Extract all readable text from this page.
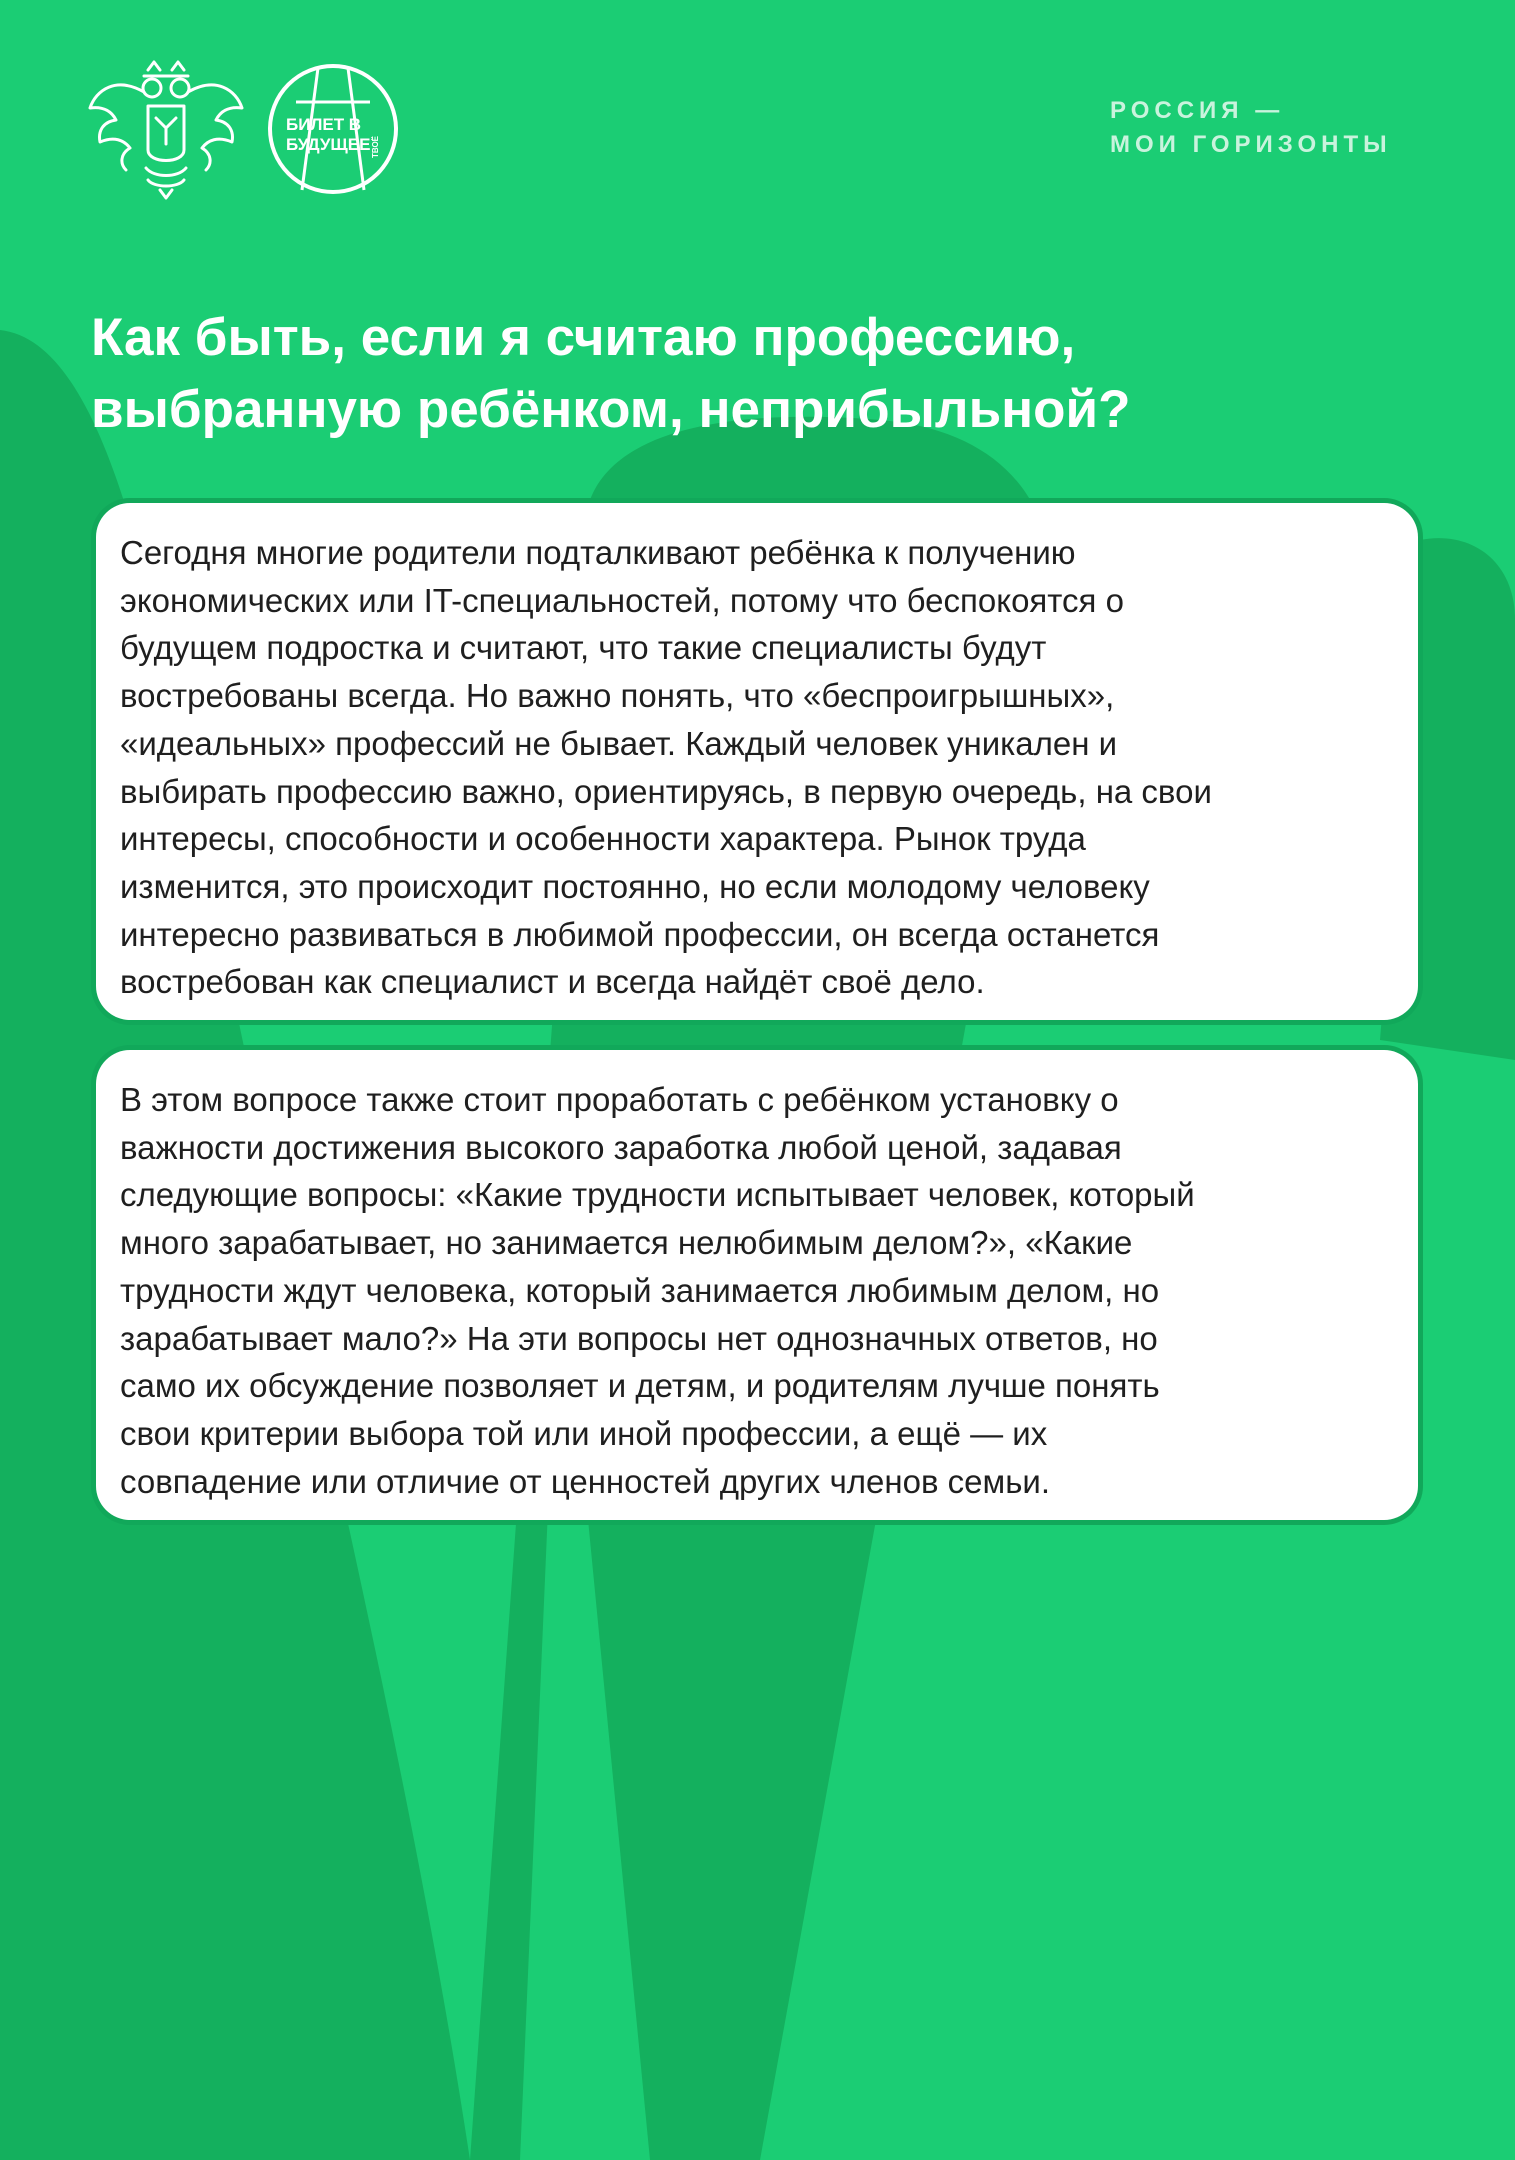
БИЛЕТ В
БУДУЩЕЕ ТВОЁ
РОССИЯ —
МОИ ГОРИЗОНТЫ
Как быть, если я считаю профессию,
выбранную ребёнком, неприбыльной?
Сегодня многие родители подталкивают ребёнка к получению
экономических или IT-специальностей, потому что беспокоятся о
будущем подростка и считают, что такие специалисты будут
востребованы всегда. Но важно понять, что «беспроигрышных»,
«идеальных» профессий не бывает. Каждый человек уникален и
выбирать профессию важно, ориентируясь, в первую очередь, на свои
интересы, способности и особенности характера. Рынок труда
изменится, это происходит постоянно, но если молодому человеку
интересно развиваться в любимой профессии, он всегда останется
востребован как специалист и всегда найдёт своё дело.
В этом вопросе также стоит проработать с ребёнком установку о
важности достижения высокого заработка любой ценой, задавая
следующие вопросы: «Какие трудности испытывает человек, который
много зарабатывает, но занимается нелюбимым делом?», «Какие
трудности ждут человека, который занимается любимым делом, но
зарабатывает мало?» На эти вопросы нет однозначных ответов, но
само их обсуждение позволяет и детям, и родителям лучше понять
свои критерии выбора той или иной профессии, а ещё — их
совпадение или отличие от ценностей других членов семьи.
